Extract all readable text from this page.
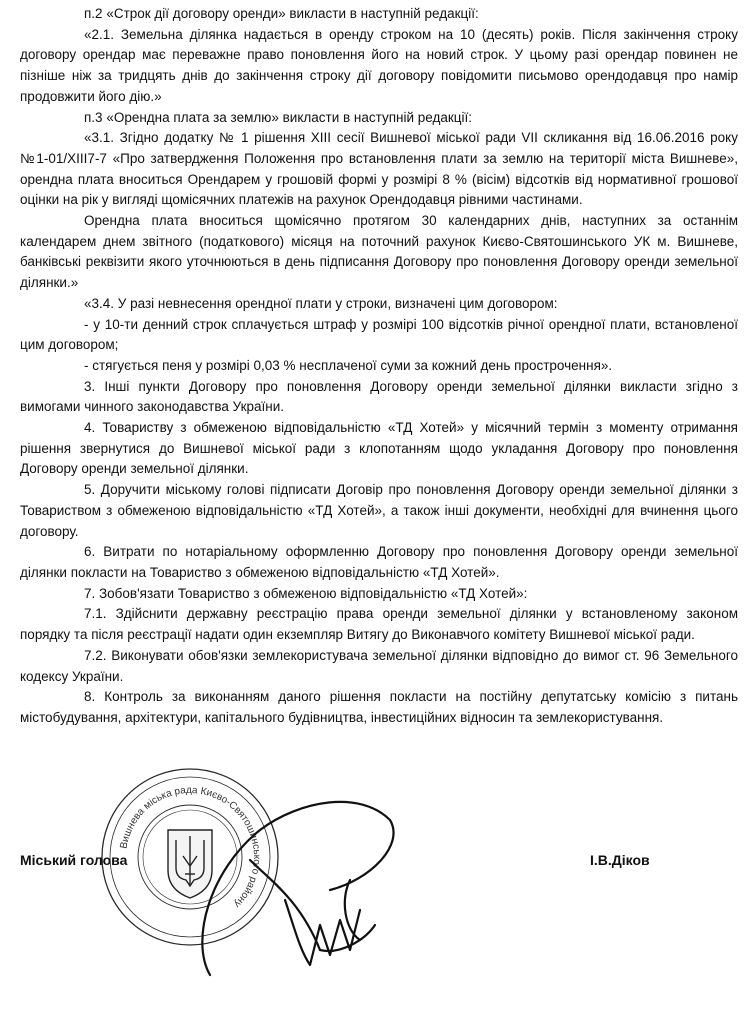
п.2 «Строк дії договору оренди» викласти в наступній редакції:

«2.1. Земельна ділянка надається в оренду строком на 10 (десять) років. Після закінчення строку договору орендар має переважне право поновлення його на новий строк. У цьому разі орендар повинен не пізніше ніж за тридцять днів до закінчення строку дії договору повідомити письмово орендодавця про намір продовжити його дію.»

п.3 «Орендна плата за землю» викласти в наступній редакції:

«3.1. Згідно додатку № 1 рішення XIII сесії Вишневої міської ради VII скликання від 16.06.2016 року №1-01/XIII7-7 «Про затвердження Положення про встановлення плати за землю на території міста Вишневе», орендна плата вноситься Орендарем у грошовій формі у розмірі 8 % (вісім) відсотків від нормативної грошової оцінки на рік у вигляді щомісячних платежів на рахунок Орендодавця рівними частинами.

Орендна плата вноситься щомісячно протягом 30 календарних днів, наступних за останнім календарем днем звітного (податкового) місяця на поточний рахунок Києво-Святошинського УК м. Вишневе, банківські реквізити якого уточнюються в день підписання Договору про поновлення Договору оренди земельної ділянки.»

«3.4. У разі невнесення орендної плати у строки, визначені цим договором:

- у 10-ти денний строк сплачується штраф у розмірі 100 відсотків річної орендної плати, встановленої цим договором;

- стягується пеня у розмірі 0,03 % несплаченої суми за кожний день прострочення».

3. Інші пункти Договору про поновлення Договору оренди земельної ділянки викласти згідно з вимогами чинного законодавства України.

4. Товариству з обмеженою відповідальністю «ТД Хотей» у місячний термін з моменту отримання рішення звернутися до Вишневої міської ради з клопотанням щодо укладання Договору про поновлення Договору оренди земельної ділянки.

5. Доручити міському голові підписати Договір про поновлення Договору оренди земельної ділянки з Товариством з обмеженою відповідальністю «ТД Хотей», а також інші документи, необхідні для вчинення цього договору.

6. Витрати по нотаріальному оформленню Договору про поновлення Договору оренди земельної ділянки покласти на Товариство з обмеженою відповідальністю «ТД Хотей».

7. Зобов'язати Товариство з обмеженою відповідальністю «ТД Хотей»:

7.1. Здійснити державну реєстрацію права оренди земельної ділянки у встановленому законом порядку та після реєстрації надати один екземпляр Витягу до Виконавчого комітету Вишневої міської ради.

7.2. Виконувати обов'язки землекористувача земельної ділянки відповідно до вимог ст. 96 Земельного кодексу України.

8. Контроль за виконанням даного рішення покласти на постійну депутатську комісію з питань містобудування, архітектури, капітального будівництва, інвестиційних відносин та землекористування.

Вишнева міська рада Києво-Святошинського району
Міський голова	І.В.Діков
